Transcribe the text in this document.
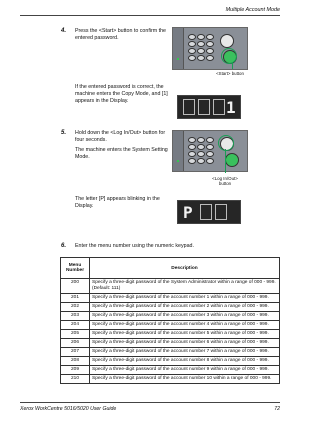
Multiple Account Mode
4. Press the <Start> button to confirm the
entered password.
<Start> button
If the entered password is correct, the
machine enters the Copy Mode, and [1]
appears in the Display.	1
5. Hold down the <Log In/Out> button for
four seconds.
The machine enters the System Setting
Mode.
<Log In/Out>
button
The letter [P] appears blinking in the
Display.	P
6. Enter the menu number using the numeric keypad.
Menu Number	Description
200	Specify a three-digit password of the System Administrator within a range of 000 - 999. (Default: 111)
201	Specify a three-digit password of the account number 1 within a range of 000 - 999.
202	Specify a three-digit password of the account number 2 within a range of 000 - 999.
203	Specify a three-digit password of the account number 3 within a range of 000 - 999.
204	Specify a three-digit password of the account number 4 within a range of 000 - 999.
205	Specify a three-digit password of the account number 5 within a range of 000 - 999.
206	Specify a three-digit password of the account number 6 within a range of 000 - 999.
207	Specify a three-digit password of the account number 7 within a range of 000 - 999.
208	Specify a three-digit password of the account number 8 within a range of 000 - 999.
209	Specify a three-digit password of the account number 9 within a range of 000 - 999.
210	Specify a three-digit password of the account number 10 within a range of 000 - 999.
Xerox WorkCentre 5016/5020 User Guide	72
